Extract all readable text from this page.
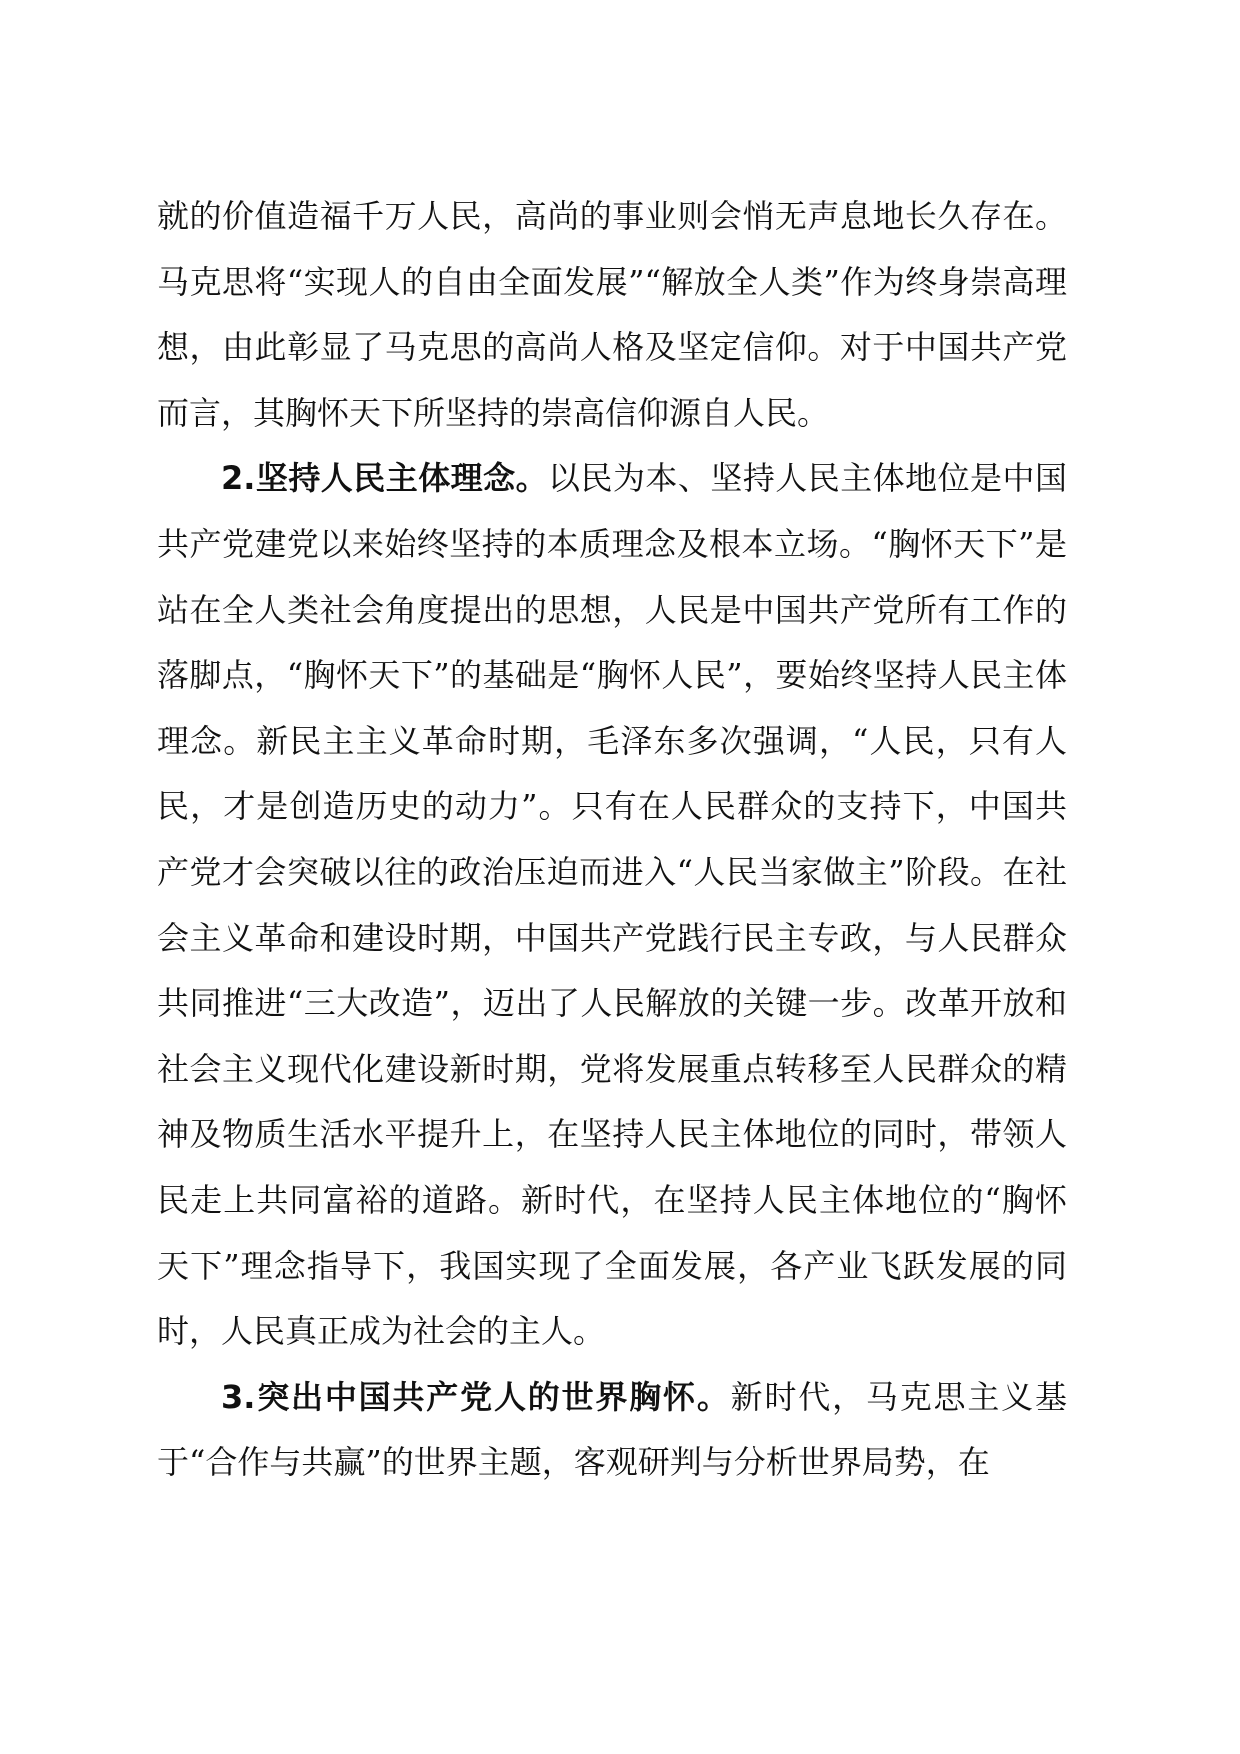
就的价值造福千万人民，高尚的事业则会悄无声息地长久存在。马克思将“实现人的自由全面发展”“解放全人类”作为终身崇高理想，由此彰显了马克思的高尚人格及坚定信仰。对于中国共产党而言，其胸怀天下所坚持的崇高信仰源自人民。

2.坚持人民主体理念。以民为本、坚持人民主体地位是中国共产党建党以来始终坚持的本质理念及根本立场。“胸怀天下”是站在全人类社会角度提出的思想，人民是中国共产党所有工作的落脚点，“胸怀天下”的基础是“胸怀人民”，要始终坚持人民主体理念。新民主主义革命时期，毛泽东多次强调，“人民，只有人民，才是创造历史的动力”。只有在人民群众的支持下，中国共产党才会突破以往的政治压迫而进入“人民当家做主”阶段。在社会主义革命和建设时期，中国共产党践行民主专政，与人民群众共同推进“三大改造”，迈出了人民解放的关键一步。改革开放和社会主义现代化建设新时期，党将发展重点转移至人民群众的精神及物质生活水平提升上，在坚持人民主体地位的同时，带领人民走上共同富裕的道路。新时代，在坚持人民主体地位的“胸怀天下”理念指导下，我国实现了全面发展，各产业飞跃发展的同时，人民真正成为社会的主人。

3.突出中国共产党人的世界胸怀。新时代，马克思主义基于“合作与共赢”的世界主题，客观研判与分析世界局势，在
